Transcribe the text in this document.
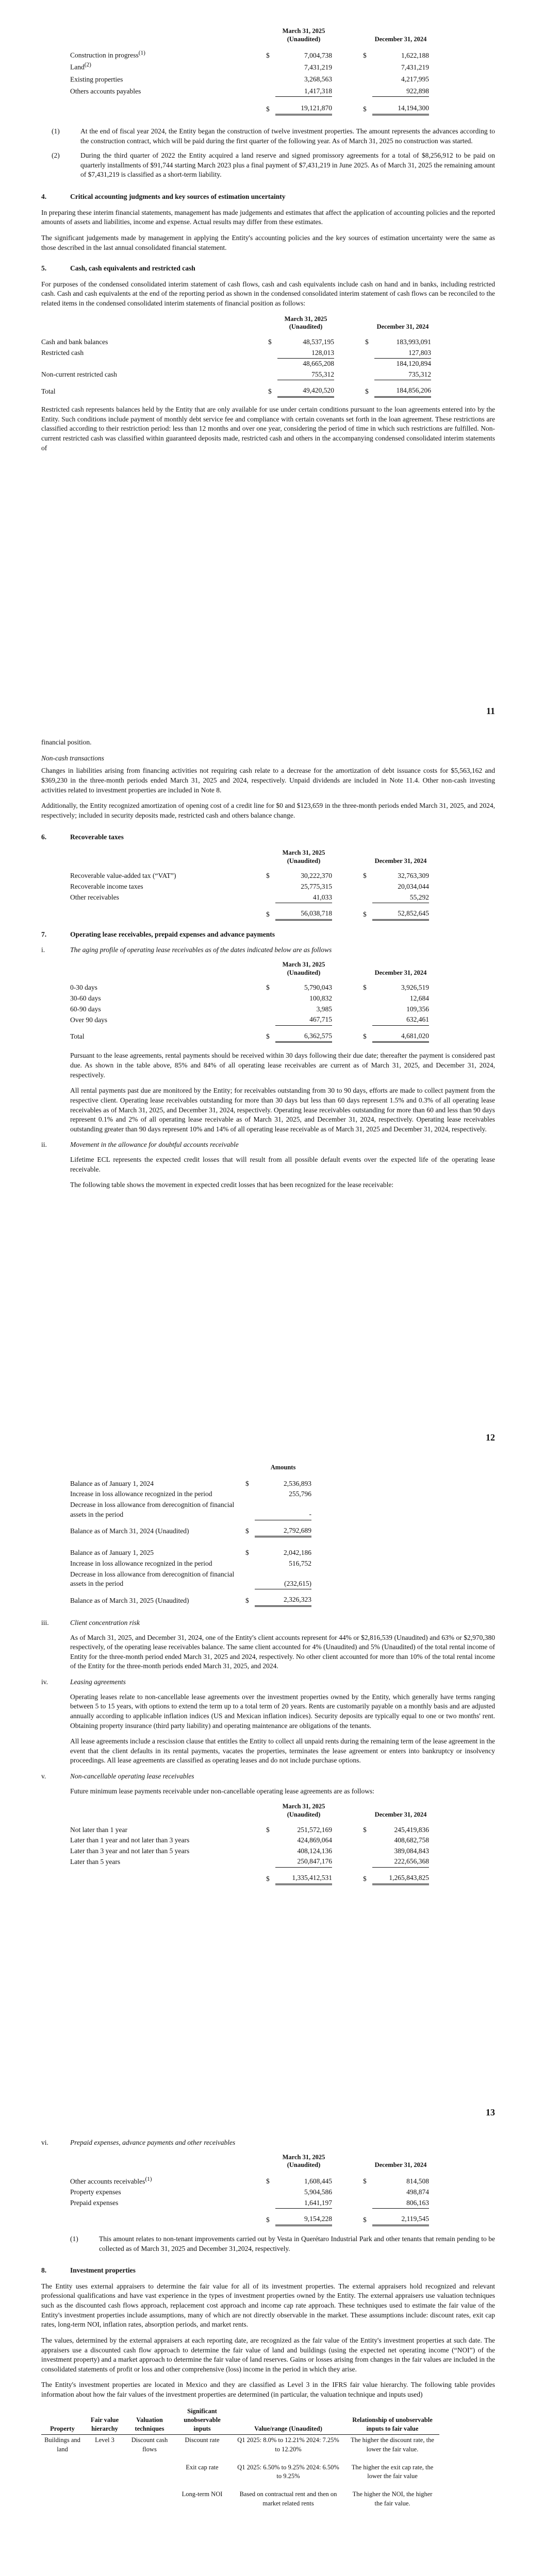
		March 31, 2025
(Unaudited)			December 31, 2024

Construction in progress$^{(1)}$	$	7,004,738		$	1,622,188
Land$^{(2)}$		7,431,219			7,431,219
Existing properties		3,268,563			4,217,995
Others accounts payables		1,417,318			922,898

	$	19,121,870		$	14,194,300
(1)	At the end of fiscal year 2024, the Entity began the construction of twelve investment properties. The amount represents the advances according to the construction contract, which will be paid during the first quarter of the following year. As of March 31, 2025 no construction was started.
(2)	During the third quarter of 2022 the Entity acquired a land reserve and signed promissory agreements for a total of $8,256,912 to be paid on quarterly installments of $91,744 starting March 2023 plus a final payment of $7,431,219 in June 2025. As of March 31, 2025 the remaining amount of $7,431,219 is classified as a short-term liability.
4.	Critical accounting judgments and key sources of estimation uncertainty

In preparing these interim financial statements, management has made judgements and estimates that affect the application of accounting policies and the reported amounts of assets and liabilities, income and expense. Actual results may differ from these estimates.

The significant judgements made by management in applying the Entity's accounting policies and the key sources of estimation uncertainty were the same as those described in the last annual consolidated financial statement.

5.	Cash, cash equivalents and restricted cash

For purposes of the condensed consolidated interim statement of cash flows, cash and cash equivalents include cash on hand and in banks, including restricted cash. Cash and cash equivalents at the end of the reporting period as shown in the condensed consolidated interim statement of cash flows can be reconciled to the related items in the condensed consolidated interim statements of financial position as follows:

		March 31, 2025
(Unaudited)			December 31, 2024

Cash and bank balances	$	48,537,195		$	183,993,091
Restricted cash		128,013			127,803
		48,665,208			184,120,894
Non-current restricted cash		755,312			735,312

Total	$	49,420,520		$	184,856,206

Restricted cash represents balances held by the Entity that are only available for use under certain conditions pursuant to the loan agreements entered into by the Entity. Such conditions include payment of monthly debt service fee and compliance with certain covenants set forth in the loan agreement. These restrictions are classified according to their restriction period: less than 12 months and over one year, considering the period of time in which such restrictions are fulfilled. Non-current restricted cash was classified within guaranteed deposits made, restricted cash and others in the accompanying condensed consolidated interim statements of

11

financial position.

Non-cash transactions

Changes in liabilities arising from financing activities not requiring cash relate to a decrease for the amortization of debt issuance costs for $5,563,162 and $369,230 in the three-month periods ended March 31, 2025 and 2024, respectively. Unpaid dividends are included in Note 11.4. Other non-cash investing activities related to investment properties are included in Note 8.

Additionally, the Entity recognized amortization of opening cost of a credit line for $0 and $123,659 in the three-month periods ended March 31, 2025, and 2024, respectively; included in security deposits made, restricted cash and others balance change.

6.	Recoverable taxes
		March 31, 2025
(Unaudited)			December 31, 2024

Recoverable value-added tax (“VAT”)	$	30,222,370		$	32,763,309
Recoverable income taxes		25,775,315			20,034,044
Other receivables		41,033			55,292

	$	56,038,718		$	52,852,645
7.	Operating lease receivables, prepaid expenses and advance payments
i.	The aging profile of operating lease receivables as of the dates indicated below are as follows
		March 31, 2025
(Unaudited)			December 31, 2024

0-30 days	$	5,790,043		$	3,926,519
30-60 days		100,832			12,684
60-90 days		3,985			109,356
Over 90 days		467,715			632,461

Total	$	6,362,575		$	4,681,020

Pursuant to the lease agreements, rental payments should be received within 30 days following their due date; thereafter the payment is considered past due. As shown in the table above, 85% and 84% of all operating lease receivables are current as of March 31, 2025, and December 31, 2024, respectively.

All rental payments past due are monitored by the Entity; for receivables outstanding from 30 to 90 days, efforts are made to collect payment from the respective client. Operating lease receivables outstanding for more than 30 days but less than 60 days represent 1.5% and 0.3% of all operating lease receivables as of March 31, 2025, and December 31, 2024, respectively. Operating lease receivables outstanding for more than 60 and less than 90 days represent 0.1% and 2% of all operating lease receivable as of March 31, 2025, and December 31, 2024, respectively. Operating lease receivables outstanding greater than 90 days represent 10% and 14% of all operating lease receivable as of March 31, 2025 and December 31, 2024, respectively.

ii.	Movement in the allowance for doubtful accounts receivable

Lifetime ECL represents the expected credit losses that will result from all possible default events over the expected life of the operating lease receivable.

The following table shows the movement in expected credit losses that has been recognized for the lease receivable:

12
		Amounts

Balance as of January 1, 2024	$	2,536,893
Increase in loss allowance recognized in the period		255,796
Decrease in loss allowance from derecognition of financial assets in the period		-

Balance as of March 31, 2024 (Unaudited)	$	2,792,689

Balance as of January 1, 2025	$	2,042,186
Increase in loss allowance recognized in the period		516,752
Decrease in loss allowance from derecognition of financial assets in the period		(232,615)

Balance as of March 31, 2025 (Unaudited)	$	2,326,323
iii.	Client concentration risk

As of March 31, 2025, and December 31, 2024, one of the Entity's client accounts represent for 44% or $2,816,539 (Unaudited) and 63% or $2,970,380 respectively, of the operating lease receivables balance. The same client accounted for 4% (Unaudited) and 5% (Unaudited) of the total rental income of Entity for the three-month period ended March 31, 2025 and 2024, respectively. No other client accounted for more than 10% of the total rental income of the Entity for the three-month periods ended March 31, 2025, and 2024.

iv.	Leasing agreements

Operating leases relate to non-cancellable lease agreements over the investment properties owned by the Entity, which generally have terms ranging between 5 to 15 years, with options to extend the term up to a total term of 20 years. Rents are customarily payable on a monthly basis and are adjusted annually according to applicable inflation indices (US and Mexican inflation indices). Security deposits are typically equal to one or two months' rent. Obtaining property insurance (third party liability) and operating maintenance are obligations of the tenants.

All lease agreements include a rescission clause that entitles the Entity to collect all unpaid rents during the remaining term of the lease agreement in the event that the client defaults in its rental payments, vacates the properties, terminates the lease agreement or enters into bankruptcy or insolvency proceedings. All lease agreements are classified as operating leases and do not include purchase options.

v.	Non-cancellable operating lease receivables

Future minimum lease payments receivable under non-cancellable operating lease agreements are as follows:

		March 31, 2025
(Unaudited)			December 31, 2024

Not later than 1 year	$	251,572,169		$	245,419,836
Later than 1 year and not later than 3 years		424,869,064			408,682,758
Later than 3 year and not later than 5 years		408,124,136			389,084,843
Later than 5 years		250,847,176			222,656,368

	$	1,335,412,531		$	1,265,843,825
13
vi.	Prepaid expenses, advance payments and other receivables
		March 31, 2025
(Unaudited)			December 31, 2024

Other accounts receivables$^{(1)}$	$	1,608,445		$	814,508
Property expenses		5,904,586			498,874
Prepaid expenses		1,641,197			806,163

	$	9,154,228		$	2,119,545
(1)	This amount relates to non-tenant improvements carried out by Vesta in Querétaro Industrial Park and other tenants that remain pending to be collected as of March 31, 2025 and December 31,2024, respectively.
8.	Investment properties

The Entity uses external appraisers to determine the fair value for all of its investment properties. The external appraisers hold recognized and relevant professional qualifications and have vast experience in the types of investment properties owned by the Entity. The external appraisers use valuation techniques such as the discounted cash flows approach, replacement cost approach and income cap rate approach. These techniques used to estimate the fair value of the Entity's investment properties include assumptions, many of which are not directly observable in the market. These assumptions include: discount rates, exit cap rates, long-term NOI, inflation rates, absorption periods, and market rents.

The values, determined by the external appraisers at each reporting date, are recognized as the fair value of the Entity's investment properties at such date. The appraisers use a discounted cash flow approach to determine the fair value of land and buildings (using the expected net operating income (“NOI”) of the investment property) and a market approach to determine the fair value of land reserves. Gains or losses arising from changes in the fair values are included in the consolidated statements of profit or loss and other comprehensive (loss) income in the period in which they arise.

The Entity's investment properties are located in Mexico and they are classified as Level 3 in the IFRS fair value hierarchy. The following table provides information about how the fair values of the investment properties are determined (in particular, the valuation technique and inputs used)

Property	Fair value hierarchy	Valuation techniques	Significant unobservable inputs	Value/range (Unaudited)	Relationship of unobservable inputs to fair value
Buildings and land	Level 3	Discount cash flows	Discount rate	Q1 2025: 8.0% to 12.21% 2024: 7.25% to 12.20%	The higher the discount rate, the lower the fair value.

			Exit cap rate	Q1 2025: 6.50% to 9.25% 2024: 6.50% to 9.25%	The higher the exit cap rate, the lower the fair value

			Long-term NOI	Based on contractual rent and then on market related rents	The higher the NOI, the higher the fair value.
